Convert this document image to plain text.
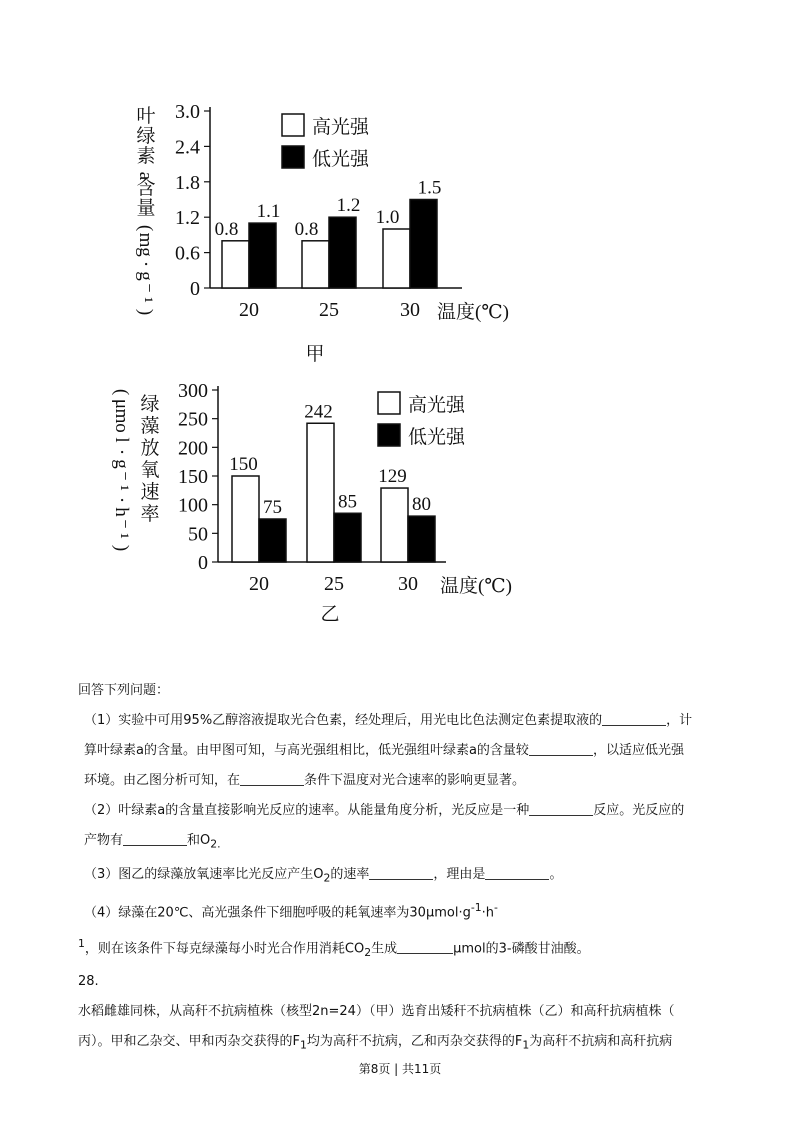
0
0.6
1.2
1.8
2.4
3.0
0.8
1.1
20
0.8
1.2
25
1.0
1.5
30 温度(℃)
高光强
低光强
甲
叶
绿
素
a
含
量
(
m
g
·
g
⁻
¹
)
0
50
100
150
200
250
300
150
75
20
242
85
25
129
80
30 温度(℃)
高光强
低光强
乙
绿
藻
放
氧
速
率
(
μ
m
o
l
·
g
⁻
¹
·
h
⁻
¹
)

回答下列问题：

（1）实验中可用95%乙醇溶液提取光合色素，经处理后，用光电比色法测定色素提取液的	，计
算叶绿素a的含量。由甲图可知，与高光强组相比，低光强组叶绿素a的含量较	，以适应低光强
环境。由乙图分析可知，在	条件下温度对光合速率的影响更显著。

（2）叶绿素a的含量直接影响光反应的速率。从能量角度分析，光反应是一种	反应。光反应的
产物有	和$O_{2.}$

（3）图乙的绿藻放氧速率比光反应产生$O_2$的速率	，理由是	。

（4）绿藻在20℃、高光强条件下细胞呼吸的耗氧速率为$30\mu mol\cdot g^{-1}\cdot h^-$

$^1$，则在该条件下每克绿藻每小时光合作用消耗$CO_2$生成	μmol的3-磷酸甘油酸。

28.

水稻雌雄同株，从高秆不抗病植株（核型2n=24）（甲）选育出矮秆不抗病植株（乙）和高秆抗病植株（
丙）。甲和乙杂交、甲和丙杂交获得的$F_1$均为高秆不抗病，乙和丙杂交获得的$F_1$为高秆不抗病和高秆抗病

第8页 | 共11页
